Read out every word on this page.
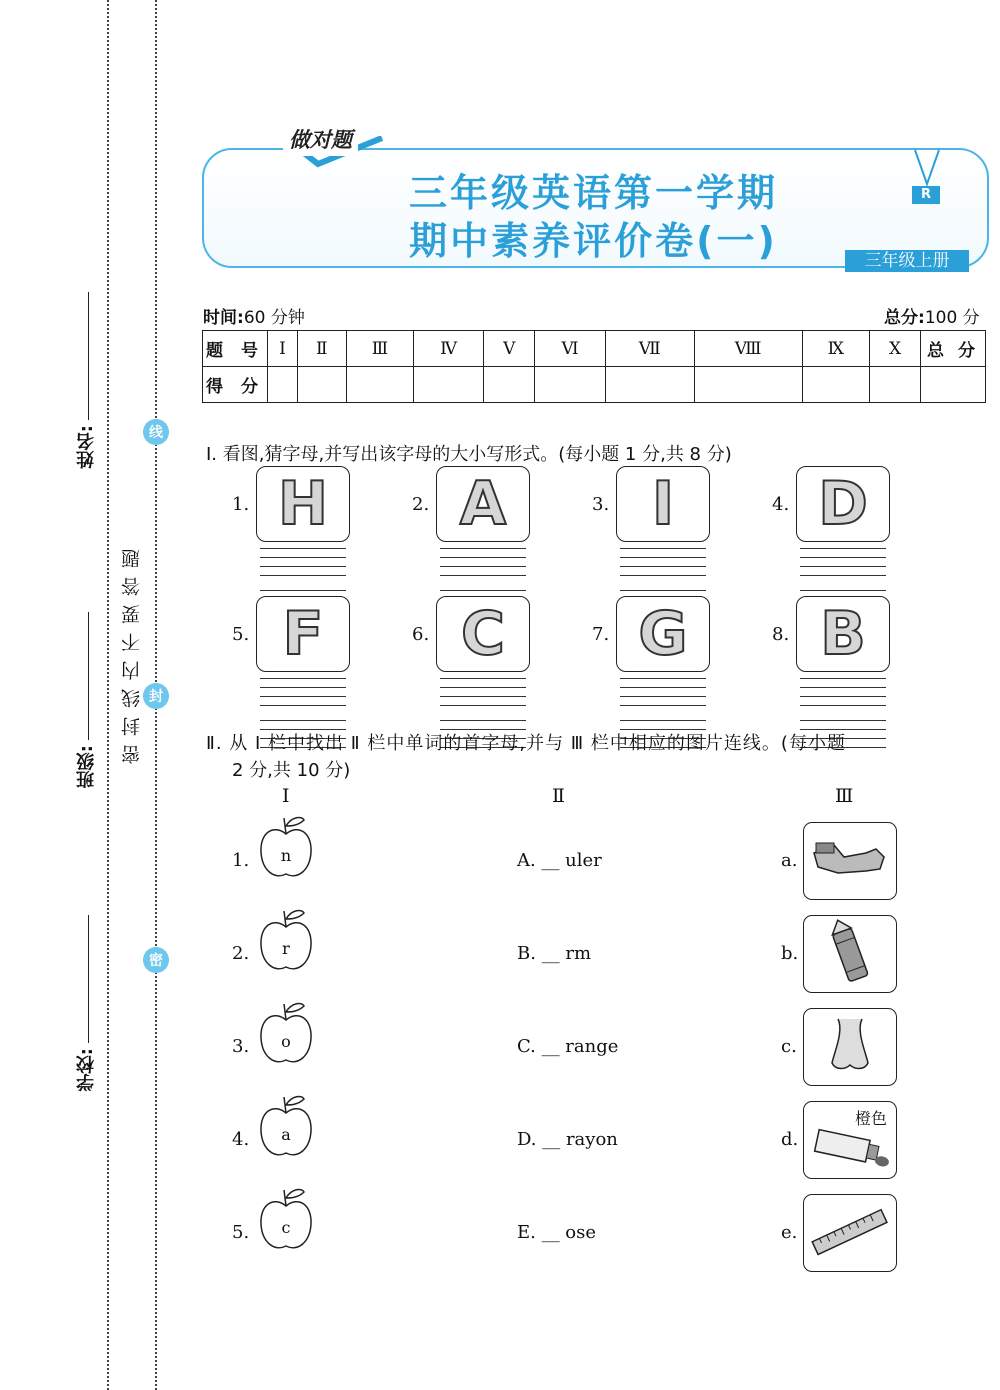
姓名:
班级:
学校:
密封线内不要答题
线
封
密
做对题
三年级英语第一学期
期中素养评价卷(一)
R
三年级上册
时间:60 分钟	总分:100 分
题 号	Ⅰ	Ⅱ	Ⅲ	Ⅳ	Ⅴ	Ⅵ	Ⅶ	Ⅷ	Ⅸ	Ⅹ	总 分
得 分											
Ⅰ. 看图,猜字母,并写出该字母的大小写形式。(每小题 1 分,共 8 分)
1. H	2. A	3. I	4. D
5. F	6. C	7. G	8. B
Ⅱ. 从 Ⅰ 栏中找出 Ⅱ 栏中单词的首字母,并与 Ⅲ 栏中相应的图片连线。(每小题
2 分,共 10 分)
Ⅰ	Ⅱ	Ⅲ
1.	n	A. __ uler	a.
2.	r	B. __ rm	b.
3.	o	C. __ range	c.
4.	a	D. __ rayon	d.
5.	c	E. __ ose	e.
橙色
